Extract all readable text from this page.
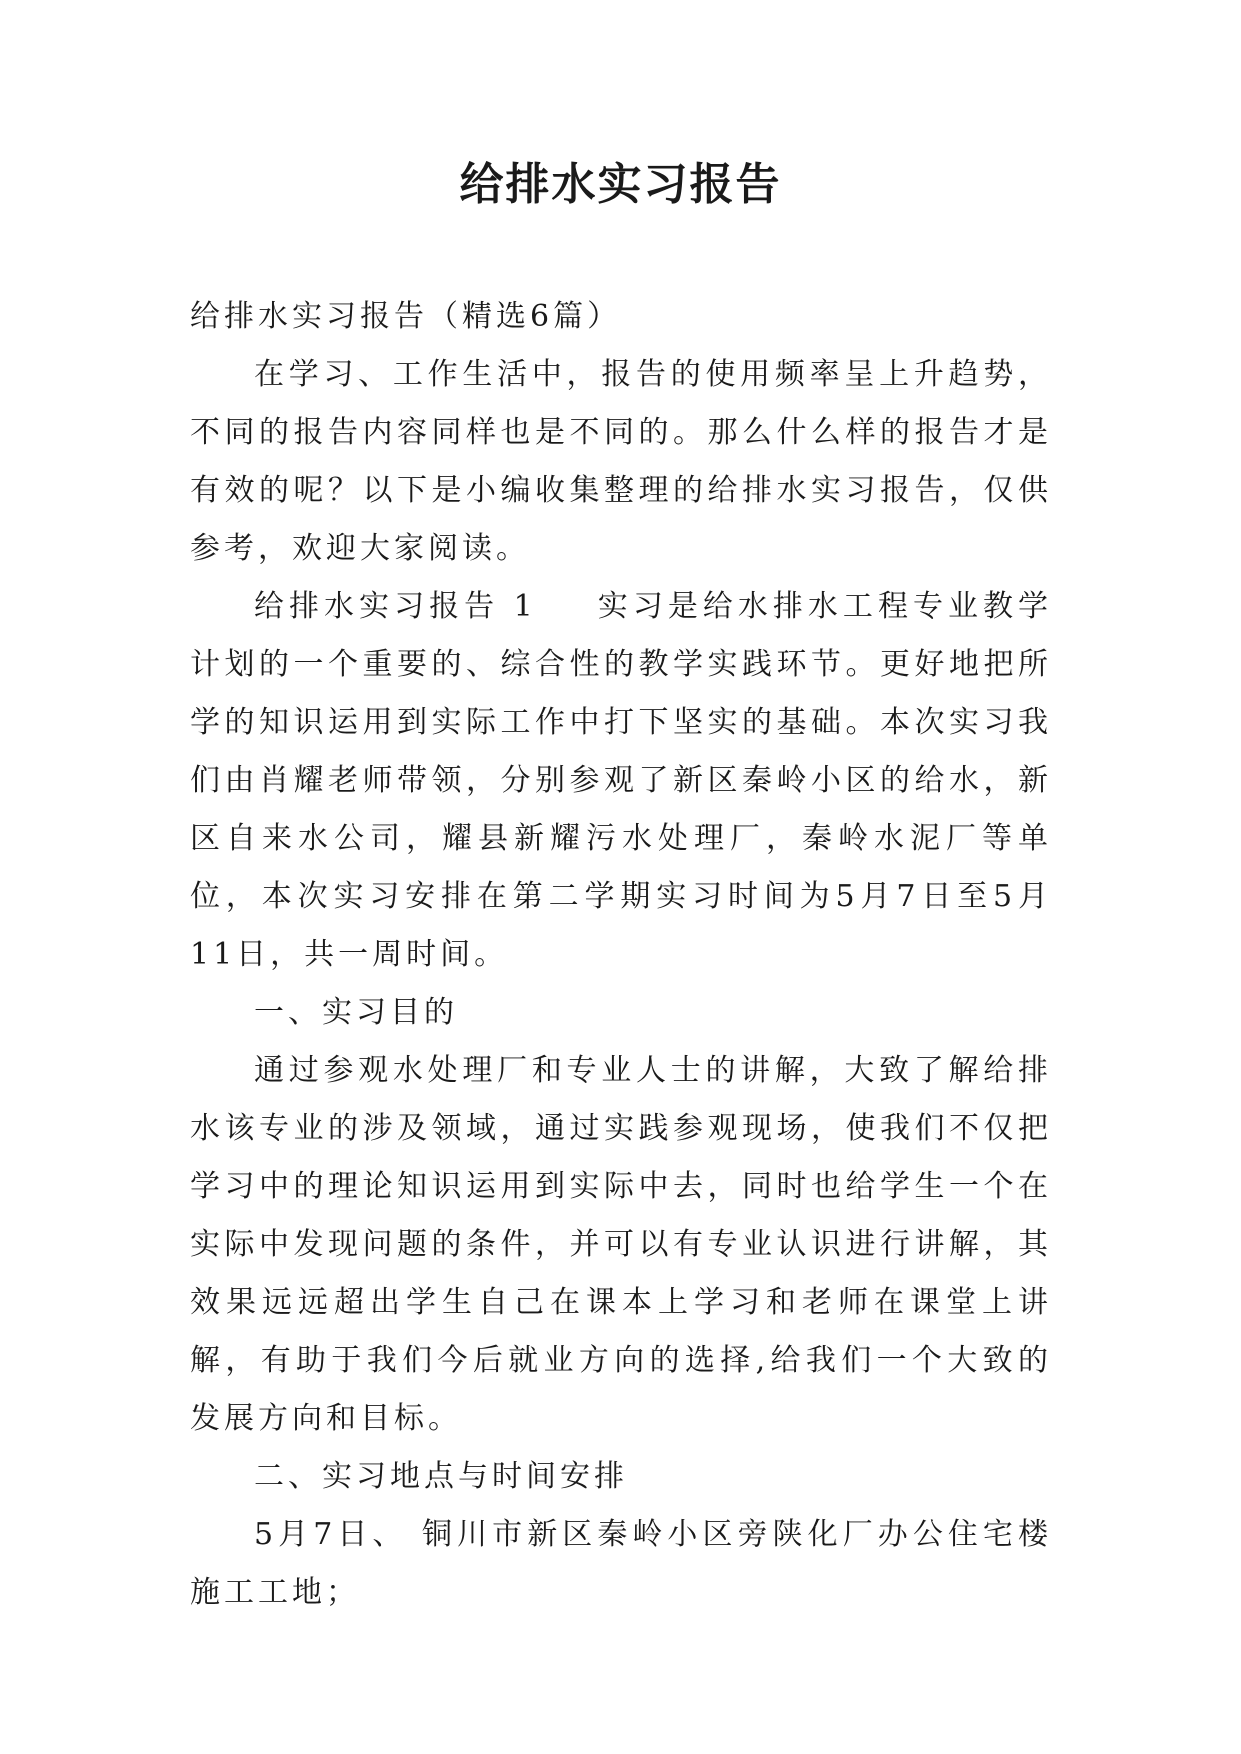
给排水实习报告

给排水实习报告（精选6篇）

在学习、工作生活中，报告的使用频率呈上升趋势，不同的报告内容同样也是不同的。那么什么样的报告才是有效的呢？以下是小编收集整理的给排水实习报告，仅供参考，欢迎大家阅读。

给排水实习报告 1 实习是给水排水工程专业教学计划的一个重要的、综合性的教学实践环节。更好地把所学的知识运用到实际工作中打下坚实的基础。本次实习我们由肖耀老师带领，分别参观了新区秦岭小区的给水，新区自来水公司，耀县新耀污水处理厂，秦岭水泥厂等单位，本次实习安排在第二学期实习时间为5月7日至5月11日，共一周时间。

一、实习目的

通过参观水处理厂和专业人士的讲解，大致了解给排水该专业的涉及领域，通过实践参观现场，使我们不仅把学习中的理论知识运用到实际中去，同时也给学生一个在实际中发现问题的条件，并可以有专业认识进行讲解，其效果远远超出学生自己在课本上学习和老师在课堂上讲解，有助于我们今后就业方向的选择,给我们一个大致的发展方向和目标。

二、实习地点与时间安排

5月7日、 铜川市新区秦岭小区旁陕化厂办公住宅楼施工工地；
